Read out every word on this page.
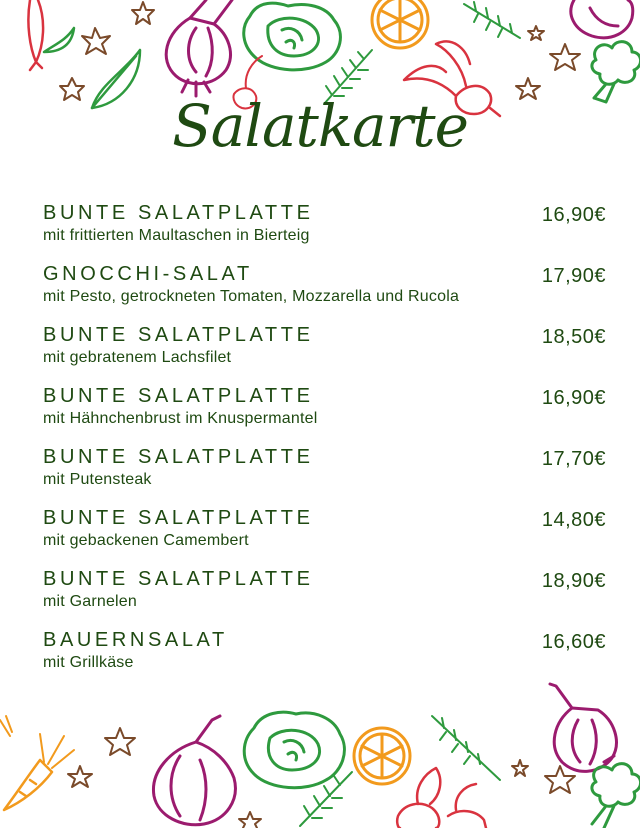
Salatkarte
BUNTE SALATPLATTE
mit frittierten Maultaschen in Bierteig
16,90€
GNOCCHI-SALAT
mit Pesto, getrockneten Tomaten, Mozzarella und Rucola
17,90€
BUNTE SALATPLATTE
mit gebratenem Lachsfilet
18,50€
BUNTE SALATPLATTE
mit Hähnchenbrust im Knuspermantel
16,90€
BUNTE SALATPLATTE
mit Putensteak
17,70€
BUNTE SALATPLATTE
mit gebackenen Camembert
14,80€
BUNTE SALATPLATTE
mit Garnelen
18,90€
BAUERNSALAT
mit Grillkäse
16,60€
